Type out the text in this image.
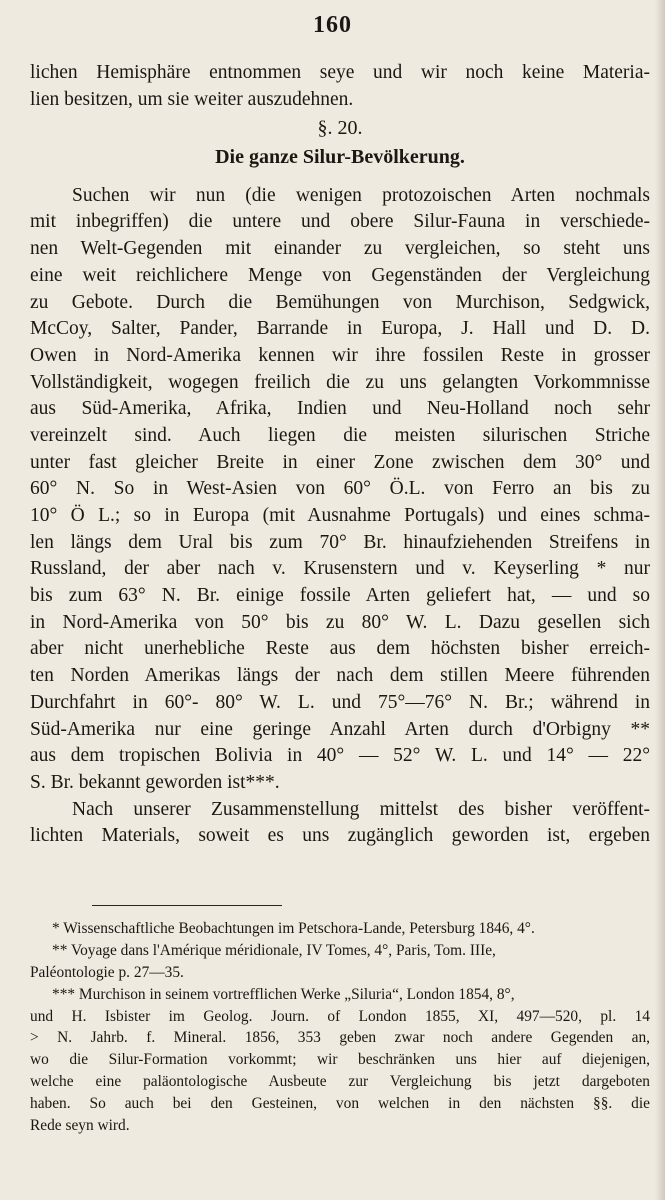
160
lichen Hemisphäre entnommen seye und wir noch keine Materia-
lien besitzen, um sie weiter auszudehnen.
§. 20.
Die ganze Silur-Bevölkerung.
Suchen wir nun (die wenigen protozoischen Arten nochmals
mit inbegriffen) die untere und obere Silur-Fauna in verschiede-
nen Welt-Gegenden mit einander zu vergleichen, so steht uns
eine weit reichlichere Menge von Gegenständen der Vergleichung
zu Gebote. Durch die Bemühungen von Murchison, Sedgwick,
McCoy, Salter, Pander, Barrande in Europa, J. Hall und D. D.
Owen in Nord-Amerika kennen wir ihre fossilen Reste in grosser
Vollständigkeit, wogegen freilich die zu uns gelangten Vorkommnisse
aus Süd-Amerika, Afrika, Indien und Neu-Holland noch sehr
vereinzelt sind. Auch liegen die meisten silurischen Striche
unter fast gleicher Breite in einer Zone zwischen dem 30° und
60° N. So in West-Asien von 60° Ö.L. von Ferro an bis zu
10° Ö L.; so in Europa (mit Ausnahme Portugals) und eines schma-
len längs dem Ural bis zum 70° Br. hinaufziehenden Streifens in
Russland, der aber nach v. Krusenstern und v. Keyserling * nur
bis zum 63° N. Br. einige fossile Arten geliefert hat, — und so
in Nord-Amerika von 50° bis zu 80° W. L. Dazu gesellen sich
aber nicht unerhebliche Reste aus dem höchsten bisher erreich-
ten Norden Amerikas längs der nach dem stillen Meere führenden
Durchfahrt in 60°- 80° W. L. und 75°—76° N. Br.; während in
Süd-Amerika nur eine geringe Anzahl Arten durch d'Orbigny **
aus dem tropischen Bolivia in 40° — 52° W. L. und 14° — 22°
S. Br. bekannt geworden ist***.
Nach unserer Zusammenstellung mittelst des bisher veröffent-
lichten Materials, soweit es uns zugänglich geworden ist, ergeben
* Wissenschaftliche Beobachtungen im Petschora-Lande, Petersburg 1846, 4°.
** Voyage dans l'Amérique méridionale, IV Tomes, 4°, Paris, Tom. IIIe,
Paléontologie p. 27—35.
*** Murchison in seinem vortrefflichen Werke „Siluria“, London 1854, 8°,
und H. Isbister im Geolog. Journ. of London 1855, XI, 497—520, pl. 14
> N. Jahrb. f. Mineral. 1856, 353 geben zwar noch andere Gegenden an,
wo die Silur-Formation vorkommt; wir beschränken uns hier auf diejenigen,
welche eine paläontologische Ausbeute zur Vergleichung bis jetzt dargeboten
haben. So auch bei den Gesteinen, von welchen in den nächsten §§. die
Rede seyn wird.
